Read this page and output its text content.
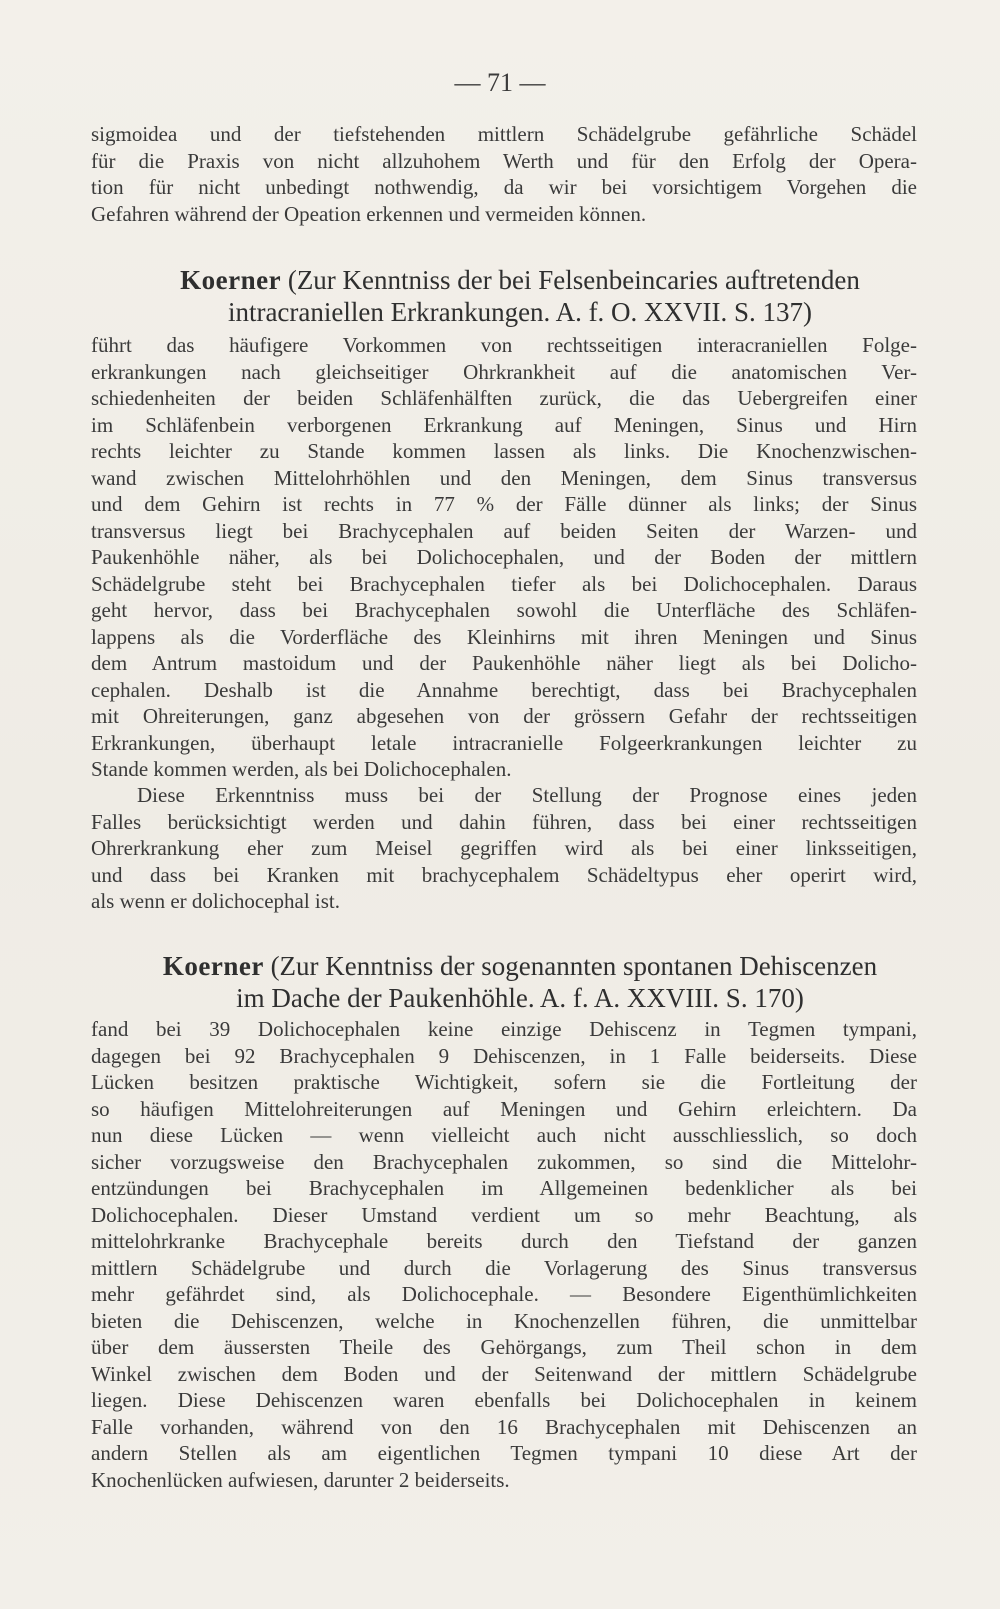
— 71 —
sigmoidea und der tiefstehenden mittlern Schädelgrube gefährliche Schädel
für die Praxis von nicht allzuhohem Werth und für den Erfolg der Opera-
tion für nicht unbedingt nothwendig, da wir bei vorsichtigem Vorgehen die
Gefahren während der Opeation erkennen und vermeiden können.
Koerner (Zur Kenntniss der bei Felsenbeincaries auftretenden
intracraniellen Erkrankungen. A. f. O. XXVII. S. 137)
führt das häufigere Vorkommen von rechtsseitigen interacraniellen Folge-
erkrankungen nach gleichseitiger Ohrkrankheit auf die anatomischen Ver-
schiedenheiten der beiden Schläfenhälften zurück, die das Uebergreifen einer
im Schläfenbein verborgenen Erkrankung auf Meningen, Sinus und Hirn
rechts leichter zu Stande kommen lassen als links. Die Knochenzwischen-
wand zwischen Mittelohrhöhlen und den Meningen, dem Sinus transversus
und dem Gehirn ist rechts in 77 % der Fälle dünner als links; der Sinus
transversus liegt bei Brachycephalen auf beiden Seiten der Warzen- und
Paukenhöhle näher, als bei Dolichocephalen, und der Boden der mittlern
Schädelgrube steht bei Brachycephalen tiefer als bei Dolichocephalen. Daraus
geht hervor, dass bei Brachycephalen sowohl die Unterfläche des Schläfen-
lappens als die Vorderfläche des Kleinhirns mit ihren Meningen und Sinus
dem Antrum mastoidum und der Paukenhöhle näher liegt als bei Dolicho-
cephalen. Deshalb ist die Annahme berechtigt, dass bei Brachycephalen
mit Ohreiterungen, ganz abgesehen von der grössern Gefahr der rechtsseitigen
Erkrankungen, überhaupt letale intracranielle Folgeerkrankungen leichter zu
Stande kommen werden, als bei Dolichocephalen.
Diese Erkenntniss muss bei der Stellung der Prognose eines jeden
Falles berücksichtigt werden und dahin führen, dass bei einer rechtsseitigen
Ohrerkrankung eher zum Meisel gegriffen wird als bei einer linksseitigen,
und dass bei Kranken mit brachycephalem Schädeltypus eher operirt wird,
als wenn er dolichocephal ist.
Koerner (Zur Kenntniss der sogenannten spontanen Dehiscenzen
im Dache der Paukenhöhle. A. f. A. XXVIII. S. 170)
fand bei 39 Dolichocephalen keine einzige Dehiscenz in Tegmen tympani,
dagegen bei 92 Brachycephalen 9 Dehiscenzen, in 1 Falle beiderseits. Diese
Lücken besitzen praktische Wichtigkeit, sofern sie die Fortleitung der
so häufigen Mittelohreiterungen auf Meningen und Gehirn erleichtern. Da
nun diese Lücken — wenn vielleicht auch nicht ausschliesslich, so doch
sicher vorzugsweise den Brachycephalen zukommen, so sind die Mittelohr-
entzündungen bei Brachycephalen im Allgemeinen bedenklicher als bei
Dolichocephalen. Dieser Umstand verdient um so mehr Beachtung, als
mittelohrkranke Brachycephale bereits durch den Tiefstand der ganzen
mittlern Schädelgrube und durch die Vorlagerung des Sinus transversus
mehr gefährdet sind, als Dolichocephale. — Besondere Eigenthümlichkeiten
bieten die Dehiscenzen, welche in Knochenzellen führen, die unmittelbar
über dem äussersten Theile des Gehörgangs, zum Theil schon in dem
Winkel zwischen dem Boden und der Seitenwand der mittlern Schädelgrube
liegen. Diese Dehiscenzen waren ebenfalls bei Dolichocephalen in keinem
Falle vorhanden, während von den 16 Brachycephalen mit Dehiscenzen an
andern Stellen als am eigentlichen Tegmen tympani 10 diese Art der
Knochenlücken aufwiesen, darunter 2 beiderseits.
